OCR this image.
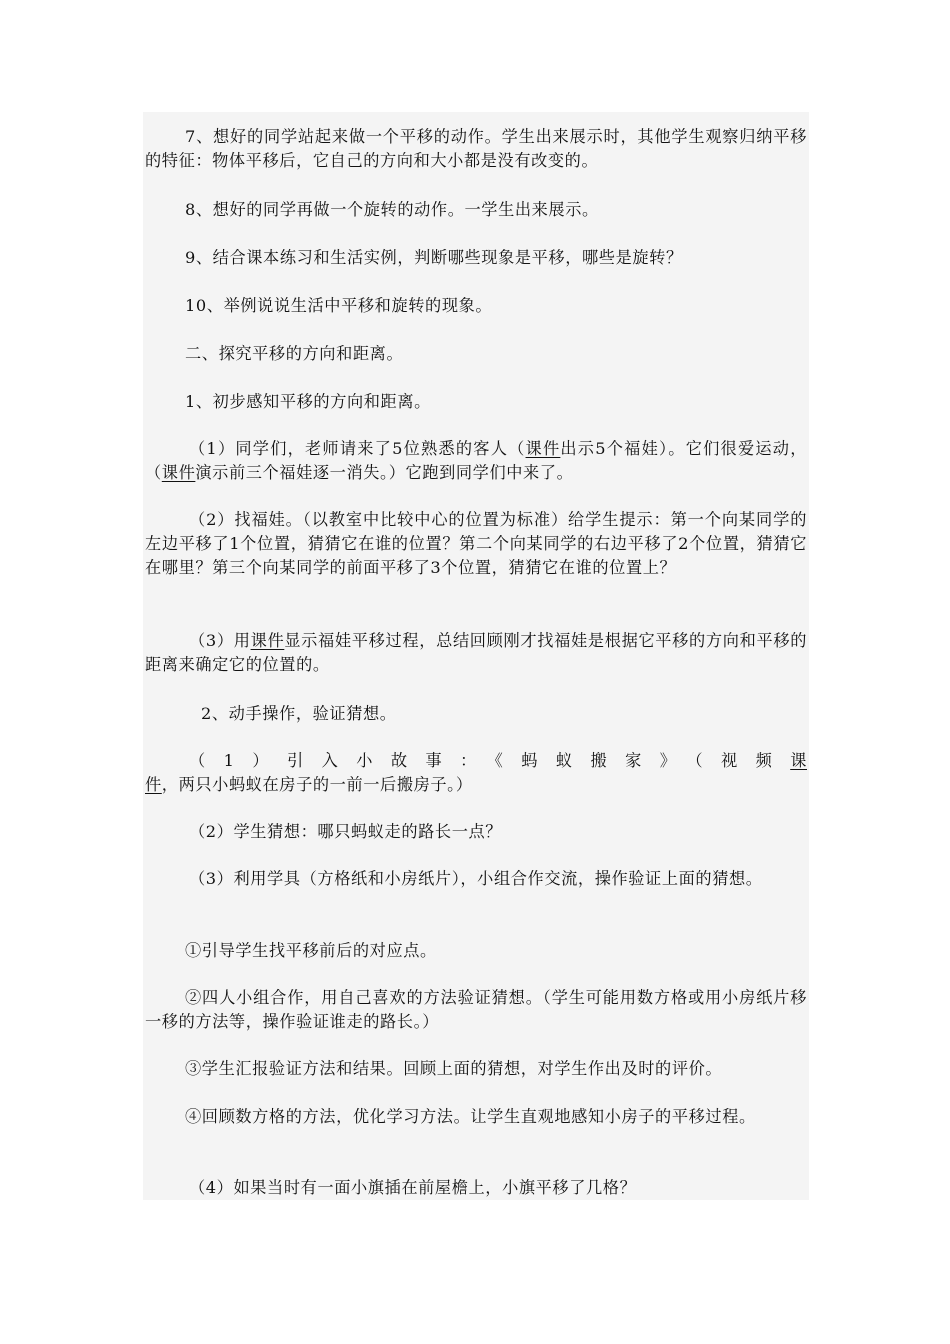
7、想好的同学站起来做一个平移的动作。学生出来展示时，其他学生观察归纳平移的特征：物体平移后，它自己的方向和大小都是没有改变的。
8、想好的同学再做一个旋转的动作。一学生出来展示。
9、结合课本练习和生活实例，判断哪些现象是平移，哪些是旋转？
10、举例说说生活中平移和旋转的现象。
二、探究平移的方向和距离。
1、初步感知平移的方向和距离。
（1）同学们，老师请来了5位熟悉的客人（课件出示5个福娃）。它们很爱运动，（课件演示前三个福娃逐一消失。）它跑到同学们中来了。
（2）找福娃。（以教室中比较中心的位置为标准）给学生提示：第一个向某同学的左边平移了1个位置，猜猜它在谁的位置？第二个向某同学的右边平移了2个位置，猜猜它在哪里？第三个向某同学的前面平移了3个位置，猜猜它在谁的位置上？
（3）用课件显示福娃平移过程，总结回顾刚才找福娃是根据它平移的方向和平移的距离来确定它的位置的。
2、动手操作，验证猜想。
（1）引入小故事：《蚂蚁搬家》（视频课件，两只小蚂蚁在房子的一前一后搬房子。）
（2）学生猜想：哪只蚂蚁走的路长一点？
（3）利用学具（方格纸和小房纸片），小组合作交流，操作验证上面的猜想。
①引导学生找平移前后的对应点。
②四人小组合作，用自己喜欢的方法验证猜想。（学生可能用数方格或用小房纸片移一移的方法等，操作验证谁走的路长。）
③学生汇报验证方法和结果。回顾上面的猜想，对学生作出及时的评价。
④回顾数方格的方法，优化学习方法。让学生直观地感知小房子的平移过程。
（4）如果当时有一面小旗插在前屋檐上，小旗平移了几格？
